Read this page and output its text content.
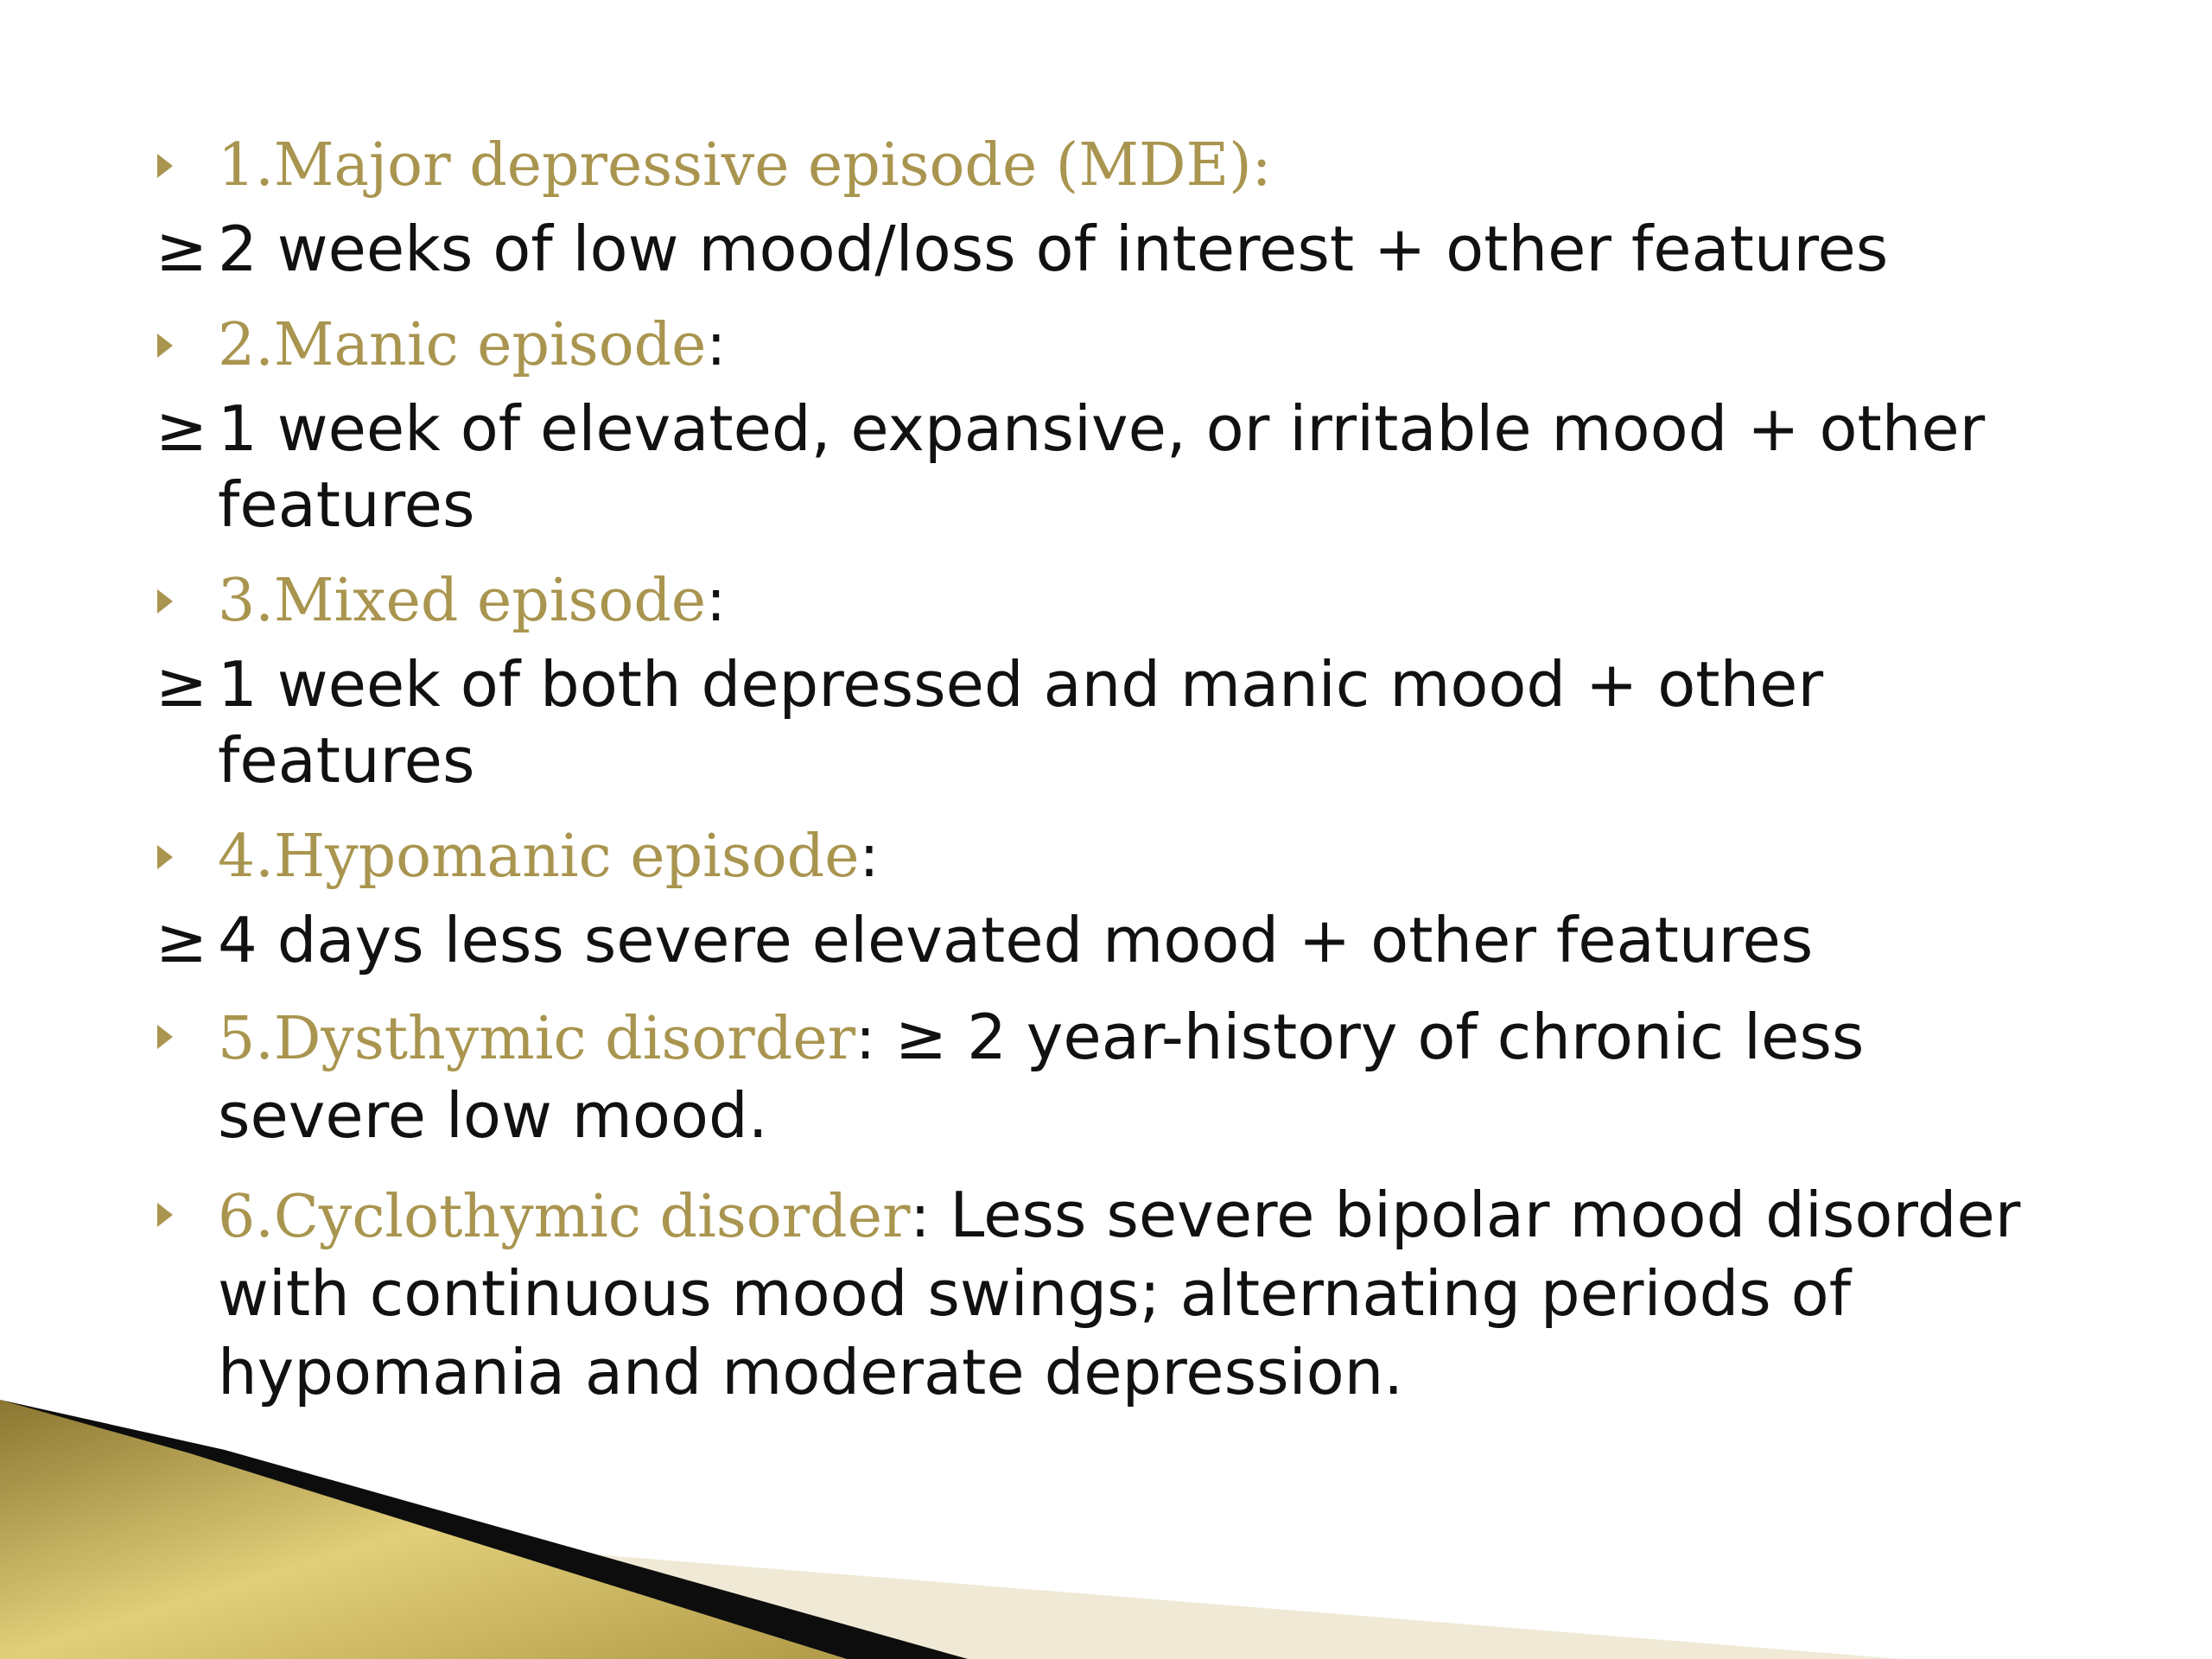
1.Major depressive episode (MDE):

≥ 2 weeks of low mood/loss of interest + other features

2.Manic episode:

≥ 1 week of elevated, expansive, or irritable mood + other features

3.Mixed episode:

≥ 1 week of both depressed and manic mood + other features

4.Hypomanic episode:

≥ 4 days less severe elevated mood + other features

5.Dysthymic disorder: ≥ 2 year-history of chronic less severe low mood.

6.Cyclothymic disorder: Less severe bipolar mood disorder with continuous mood swings; alternating periods of hypomania and moderate depression.
